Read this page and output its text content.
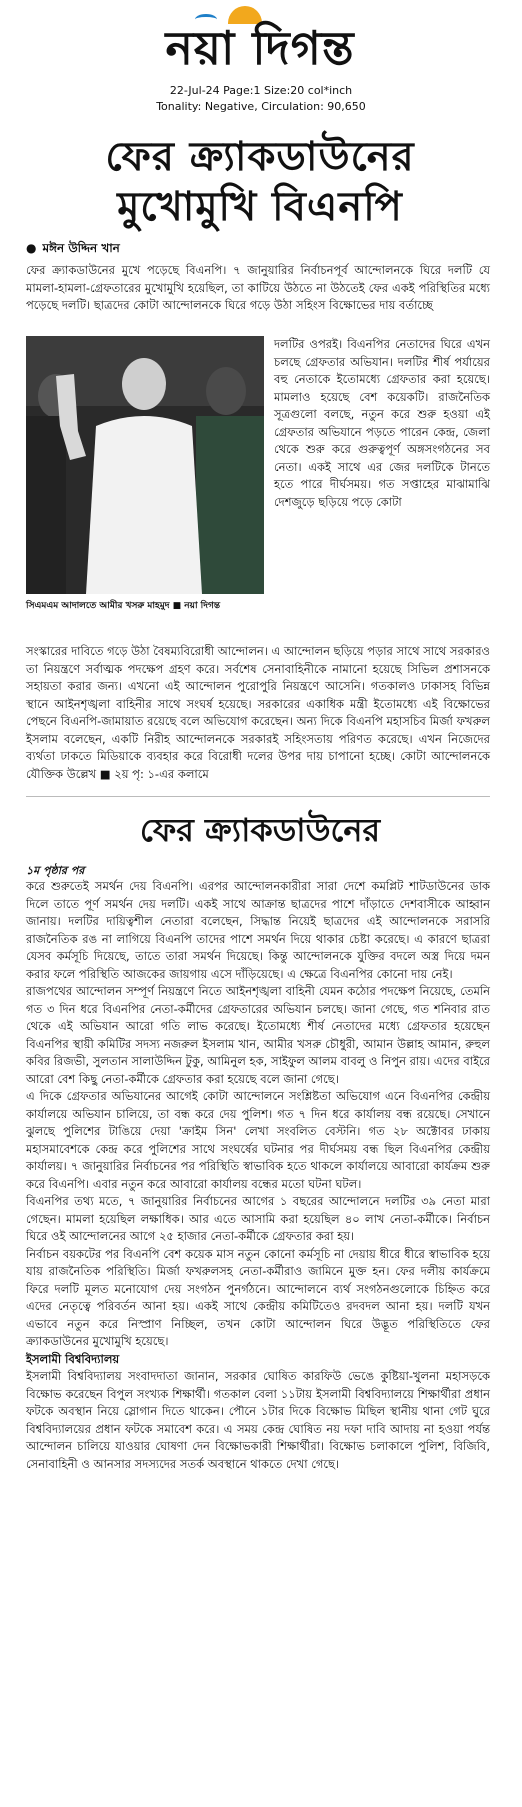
নয়া দিগন্ত
22-Jul-24 Page:1 Size:20 col*inch
Tonality: Negative, Circulation: 90,650
ফের ক্র্যাকডাউনের মুখোমুখি বিএনপি
● মঈন উদ্দিন খান
ফের ক্র্যাকডাউনের মুখে পড়েছে বিএনপি। ৭ জানুয়ারির নির্বাচনপূর্ব আন্দোলনকে ঘিরে দলটি যে মামলা-হামলা-গ্রেফতারের মুখোমুখি হয়েছিল, তা কাটিয়ে উঠতে না উঠতেই ফের একই পরিস্থিতির মধ্যে পড়েছে দলটি। ছাত্রদের কোটা আন্দোলনকে ঘিরে গড়ে উঠা সহিংস বিক্ষোভের দায় বর্তাচ্ছে
সিএমএম আদালতে আমীর খসরু মাহমুদ ■ নয়া দিগন্ত
দলটির ওপরই। বিএনপির নেতাদের ঘিরে এখন চলছে গ্রেফতার অভিযান। দলটির শীর্ষ পর্যায়ের বহু নেতাকে ইতোমধ্যে গ্রেফতার করা হয়েছে। মামলাও হয়েছে বেশ কয়েকটি। রাজনৈতিক সূত্রগুলো বলছে, নতুন করে শুরু হওয়া এই গ্রেফতার অভিযানে পড়তে পারেন কেন্দ্র, জেলা থেকে শুরু করে গুরুত্বপূর্ণ অঙ্গসংগঠনের সব নেতা। একই সাথে এর জের দলটিকে টানতে হতে পারে দীর্ঘসময়। গত সপ্তাহের মাঝামাঝি দেশজুড়ে ছড়িয়ে পড়ে কোটা
সংস্কারের দাবিতে গড়ে উঠা বৈষম্যবিরোধী আন্দোলন। এ আন্দোলন ছড়িয়ে পড়ার সাথে সাথে সরকারও তা নিয়ন্ত্রণে সর্বাত্মক পদক্ষেপ গ্রহণ করে। সর্বশেষ সেনাবাহিনীকে নামানো হয়েছে সিভিল প্রশাসনকে সহায়তা করার জন্য। এখনো এই আন্দোলন পুরোপুরি নিয়ন্ত্রণে আসেনি। গতকালও ঢাকাসহ বিভিন্ন স্থানে আইনশৃঙ্খলা বাহিনীর সাথে সংঘর্ষ হয়েছে। সরকারের একাধিক মন্ত্রী ইতোমধ্যে এই বিক্ষোভের পেছনে বিএনপি-জামায়াত রয়েছে বলে অভিযোগ করেছেন। অন্য দিকে বিএনপি মহাসচিব মির্জা ফখরুল ইসলাম বলেছেন, একটি নিরীহ আন্দোলনকে সরকারই সহিংসতায় পরিণত করেছে। এখন নিজেদের ব্যর্থতা ঢাকতে মিডিয়াকে ব্যবহার করে বিরোধী দলের উপর দায় চাপানো হচ্ছে। কোটা আন্দোলনকে যৌক্তিক উল্লেখ ■ ২য় পৃ: ১-এর কলামে
ফের ক্র্যাকডাউনের
১ম পৃষ্ঠার পর
করে শুরুতেই সমর্থন দেয় বিএনপি। এরপর আন্দোলনকারীরা সারা দেশে কমপ্লিট শাটডাউনের ডাক দিলে তাতে পূর্ণ সমর্থন দেয় দলটি। একই সাথে আক্রান্ত ছাত্রদের পাশে দাঁড়াতে দেশবাসীকে আহ্বান জানায়। দলটির দায়িত্বশীল নেতারা বলেছেন, সিদ্ধান্ত নিয়েই ছাত্রদের এই আন্দোলনকে সরাসরি রাজনৈতিক রঙ না লাগিয়ে বিএনপি তাদের পাশে সমর্থন দিয়ে থাকার চেষ্টা করেছে। এ কারণে ছাত্ররা যেসব কর্মসূচি দিয়েছে, তাতে তারা সমর্থন দিয়েছে। কিন্তু আন্দোলনকে যুক্তির বদলে অস্ত্র দিয়ে দমন করার ফলে পরিস্থিতি আজকের জায়গায় এসে দাঁড়িয়েছে। এ ক্ষেত্রে বিএনপির কোনো দায় নেই।
রাজপথের আন্দোলন সম্পূর্ণ নিয়ন্ত্রণে নিতে আইনশৃঙ্খলা বাহিনী যেমন কঠোর পদক্ষেপ নিয়েছে, তেমনি গত ৩ দিন ধরে বিএনপির নেতা-কর্মীদের গ্রেফতারের অভিযান চলছে। জানা গেছে, গত শনিবার রাত থেকে এই অভিযান আরো গতি লাভ করেছে। ইতোমধ্যে শীর্ষ নেতাদের মধ্যে গ্রেফতার হয়েছেন বিএনপির স্থায়ী কমিটির সদস্য নজরুল ইসলাম খান, আমীর খসরু চৌধুরী, আমান উল্লাহ আমান, রুহুল কবির রিজভী, সুলতান সালাউদ্দিন টুকু, আমিনুল হক, সাইফুল আলম বাবলু ও নিপুন রায়। এদের বাইরে আরো বেশ কিছু নেতা-কর্মীকে গ্রেফতার করা হয়েছে বলে জানা গেছে।
এ দিকে গ্রেফতার অভিযানের আগেই কোটা আন্দোলনে সংশ্লিষ্টতা অভিযোগ এনে বিএনপির কেন্দ্রীয় কার্যালয়ে অভিযান চালিয়ে, তা বন্ধ করে দেয় পুলিশ। গত ৭ দিন ধরে কার্যালয় বন্ধ রয়েছে। সেখানে ঝুলছে পুলিশের টাঙিয়ে দেয়া 'ক্রাইম সিন' লেখা সংবলিত বেস্টনি। গত ২৮ অক্টোবর ঢাকায় মহাসমাবেশকে কেন্দ্র করে পুলিশের সাথে সংঘর্ষের ঘটনার পর দীর্ঘসময় বন্ধ ছিল বিএনপির কেন্দ্রীয় কার্যালয়। ৭ জানুয়ারির নির্বাচনের পর পরিস্থিতি স্বাভাবিক হতে থাকলে কার্যালয়ে আবারো কার্যক্রম শুরু করে বিএনপি। এবার নতুন করে আবারো কার্যালয় বন্ধের মতো ঘটনা ঘটল।
বিএনপির তথ্য মতে, ৭ জানুয়ারির নির্বাচনের আগের ১ বছরের আন্দোলনে দলটির ৩৯ নেতা মারা গেছেন। মামলা হয়েছিল লক্ষাধিক। আর এতে আসামি করা হয়েছিল ৪০ লাখ নেতা-কর্মীকে। নির্বাচন ঘিরে ওই আন্দোলনের আগে ২৫ হাজার নেতা-কর্মীকে গ্রেফতার করা হয়।
নির্বাচন বয়কটের পর বিএনপি বেশ কয়েক মাস নতুন কোনো কর্মসূচি না দেয়ায় ধীরে ধীরে স্বাভাবিক হয়ে যায় রাজনৈতিক পরিস্থিতি। মির্জা ফখরুলসহ নেতা-কর্মীরাও জামিনে মুক্ত হন। ফের দলীয় কার্যক্রমে ফিরে দলটি মূলত মনোযোগ দেয় সংগঠন পুনর্গঠনে। আন্দোলনে ব্যর্থ সংগঠনগুলোকে চিহ্নিত করে এদের নেতৃত্বে পরিবর্তন আনা হয়। একই সাথে কেন্দ্রীয় কমিটিতেও রদবদল আনা হয়। দলটি যখন এভাবে নতুন করে নিস্প্রাণ নিচ্ছিল, তখন কোটা আন্দোলন ঘিরে উদ্ভূত পরিস্থিতিতে ফের ক্র্যাকডাউনের মুখোমুখি হয়েছে।
ইসলামী বিশ্ববিদ্যালয়
ইসলামী বিশ্ববিদ্যালয় সংবাদদাতা জানান, সরকার ঘোষিত কারফিউ ভেঙে কুষ্টিয়া-খুলনা মহাসড়কে বিক্ষোভ করেছেন বিপুল সংখ্যক শিক্ষার্থী। গতকাল বেলা ১১টায় ইসলামী বিশ্ববিদ্যালয়ে শিক্ষার্থীরা প্রধান ফটকে অবস্থান নিয়ে স্লোগান দিতে থাকেন। পৌনে ১টার দিকে বিক্ষোভ মিছিল স্থানীয় থানা গেট ঘুরে বিশ্ববিদ্যালয়ের প্রধান ফটকে সমাবেশ করে। এ সময় কেন্দ্র ঘোষিত নয় দফা দাবি আদায় না হওয়া পর্যন্ত আন্দোলন চালিয়ে যাওয়ার ঘোষণা দেন বিক্ষোভকারী শিক্ষার্থীরা। বিক্ষোভ চলাকালে পুলিশ, বিজিবি, সেনাবাহিনী ও আনসার সদস্যদের সতর্ক অবস্থানে থাকতে দেখা গেছে।
